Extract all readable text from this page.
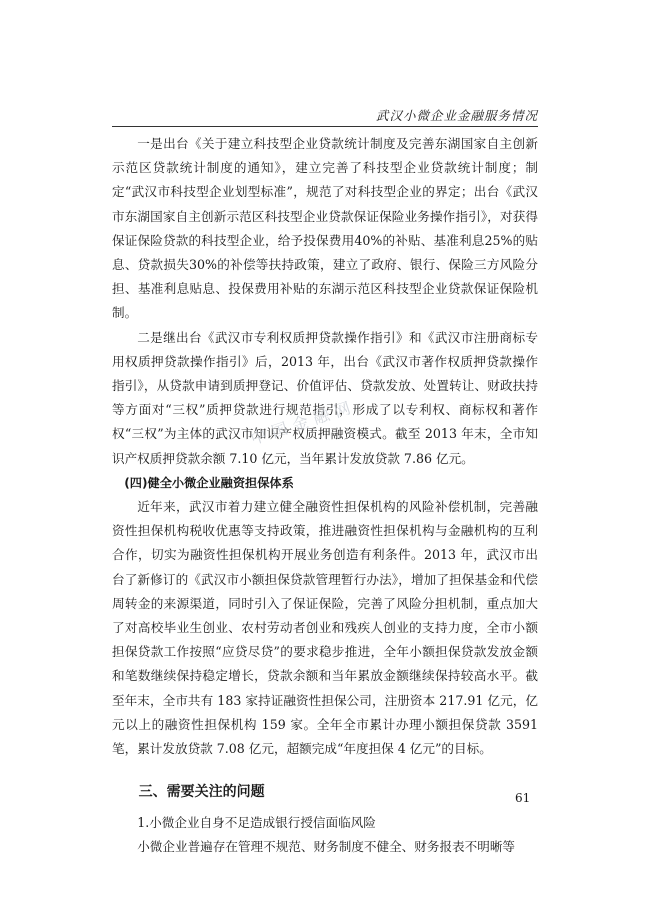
武汉小微企业金融服务情况

一是出台《关于建立科技型企业贷款统计制度及完善东湖国家自主创新示范区贷款统计制度的通知》，建立完善了科技型企业贷款统计制度；制定“武汉市科技型企业划型标准”，规范了对科技型企业的界定；出台《武汉市东湖国家自主创新示范区科技型企业贷款保证保险业务操作指引》，对获得保证保险贷款的科技型企业，给予投保费用40%的补贴、基准利息25%的贴息、贷款损失30%的补偿等扶持政策，建立了政府、银行、保险三方风险分担、基准利息贴息、投保费用补贴的东湖示范区科技型企业贷款保证保险机制。

二是继出台《武汉市专利权质押贷款操作指引》和《武汉市注册商标专用权质押贷款操作指引》后，2013 年，出台《武汉市著作权质押贷款操作指引》，从贷款申请到质押登记、价值评估、贷款发放、处置转让、财政扶持等方面对“三权”质押贷款进行规范指引，形成了以专利权、商标权和著作权“三权”为主体的武汉市知识产权质押融资模式。截至 2013 年末，全市知识产权质押贷款余额 7.10 亿元，当年累计发放贷款 7.86 亿元。

(四)健全小微企业融资担保体系

近年来，武汉市着力建立健全融资性担保机构的风险补偿机制，完善融资性担保机构税收优惠等支持政策，推进融资性担保机构与金融机构的互利合作，切实为融资性担保机构开展业务创造有利条件。2013 年，武汉市出台了新修订的《武汉市小额担保贷款管理暂行办法》，增加了担保基金和代偿周转金的来源渠道，同时引入了保证保险，完善了风险分担机制，重点加大了对高校毕业生创业、农村劳动者创业和残疾人创业的支持力度，全市小额担保贷款工作按照“应贷尽贷”的要求稳步推进，全年小额担保贷款发放金额和笔数继续保持稳定增长，贷款余额和当年累放金额继续保持较高水平。截至年末，全市共有 183 家持证融资性担保公司，注册资本 217.91 亿元，亿元以上的融资性担保机构 159 家。全年全市累计办理小额担保贷款 3591 笔，累计发放贷款 7.08 亿元，超额完成“年度担保 4 亿元”的目标。

三、需要关注的问题

1.小微企业自身不足造成银行授信面临风险

小微企业普遍存在管理不规范、财务制度不健全、财务报表不明晰等

中国金融网
61
